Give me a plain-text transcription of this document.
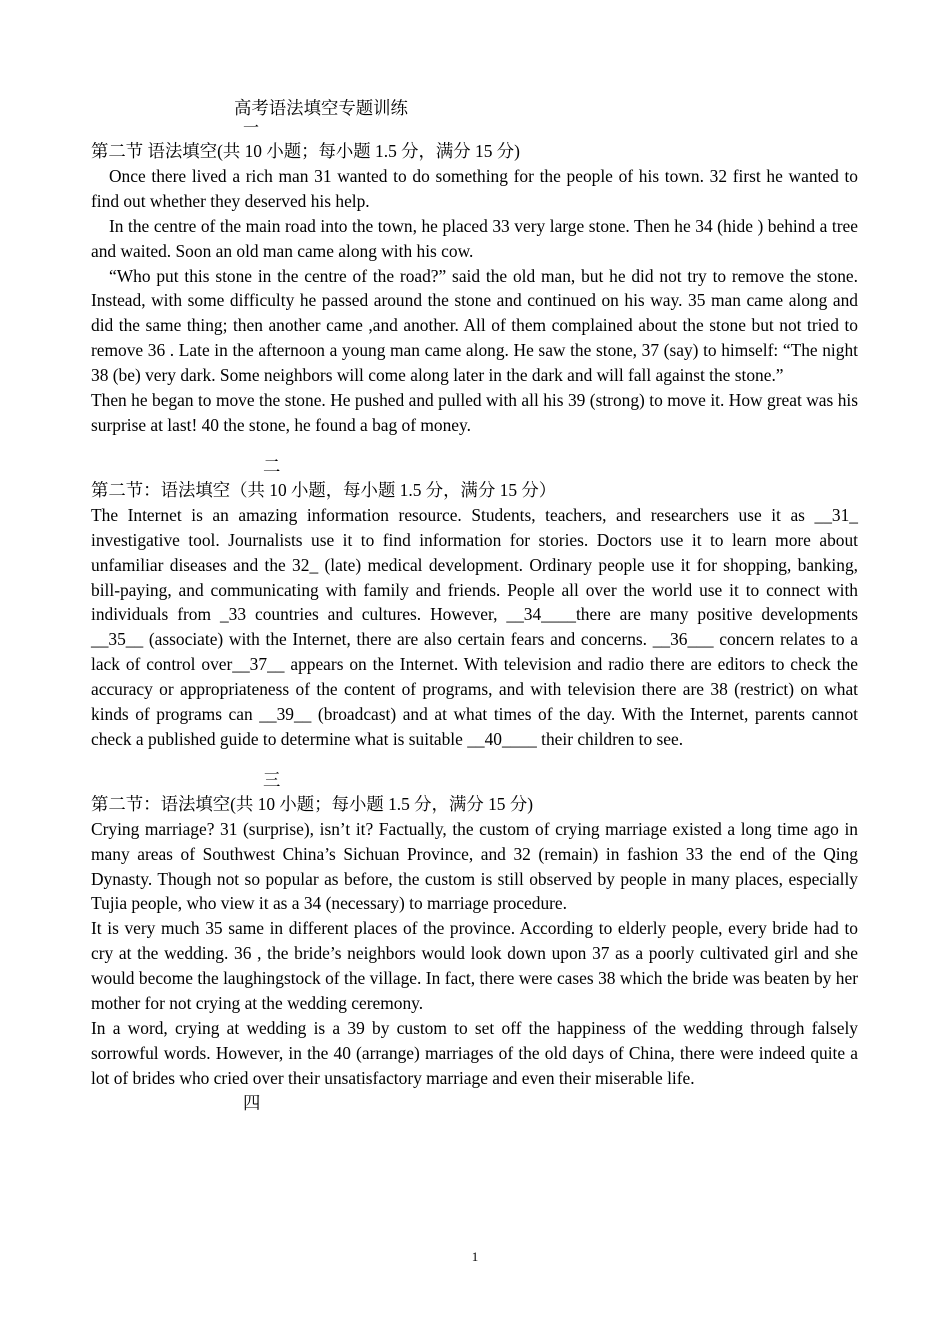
高考语法填空专题训练
一
第二节 语法填空(共 10 小题；每小题 1.5 分，满分 15 分)

Once there lived a rich man 31 wanted to do something for the people of his town. 32 first he wanted to find out whether they deserved his help.

In the centre of the main road into the town, he placed 33 very large stone. Then he 34 (hide ) behind a tree and waited. Soon an old man came along with his cow.

“Who put this stone in the centre of the road?” said the old man, but he did not try to remove the stone. Instead, with some difficulty he passed around the stone and continued on his way. 35 man came along and did the same thing; then another came ,and another. All of them complained about the stone but not tried to remove 36 . Late in the afternoon a young man came along. He saw the stone, 37 (say) to himself: “The night 38 (be) very dark. Some neighbors will come along later in the dark and will fall against the stone.”

Then he began to move the stone. He pushed and pulled with all his 39 (strong) to move it. How great was his surprise at last! 40 the stone, he found a bag of money.

二
第二节：语法填空（共 10 小题，每小题 1.5 分，满分 15 分）

The Internet is an amazing information resource. Students, teachers, and researchers use it as __31_ investigative tool. Journalists use it to find information for stories. Doctors use it to learn more about unfamiliar diseases and the 32_ (late) medical development. Ordinary people use it for shopping, banking, bill-paying, and communicating with family and friends. People all over the world use it to connect with individuals from _33 countries and cultures. However, __34____there are many positive developments __35__ (associate) with the Internet, there are also certain fears and concerns. __36___ concern relates to a lack of control over__37__ appears on the Internet. With television and radio there are editors to check the accuracy or appropriateness of the content of programs, and with television there are 38 (restrict) on what kinds of programs can __39__ (broadcast) and at what times of the day. With the Internet, parents cannot check a published guide to determine what is suitable __40____ their children to see.

三
第二节：语法填空(共 10 小题；每小题 1.5 分，满分 15 分)

Crying marriage? 31 (surprise), isn’t it? Factually, the custom of crying marriage existed a long time ago in many areas of Southwest China’s Sichuan Province, and 32 (remain) in fashion 33 the end of the Qing Dynasty. Though not so popular as before, the custom is still observed by people in many places, especially Tujia people, who view it as a 34 (necessary) to marriage procedure.

It is very much 35 same in different places of the province. According to elderly people, every bride had to cry at the wedding. 36 , the bride’s neighbors would look down upon 37 as a poorly cultivated girl and she would become the laughingstock of the village. In fact, there were cases 38 which the bride was beaten by her mother for not crying at the wedding ceremony.

In a word, crying at wedding is a 39 by custom to set off the happiness of the wedding through falsely sorrowful words. However, in the 40 (arrange) marriages of the old days of China, there were indeed quite a lot of brides who cried over their unsatisfactory marriage and even their miserable life.

四
1
